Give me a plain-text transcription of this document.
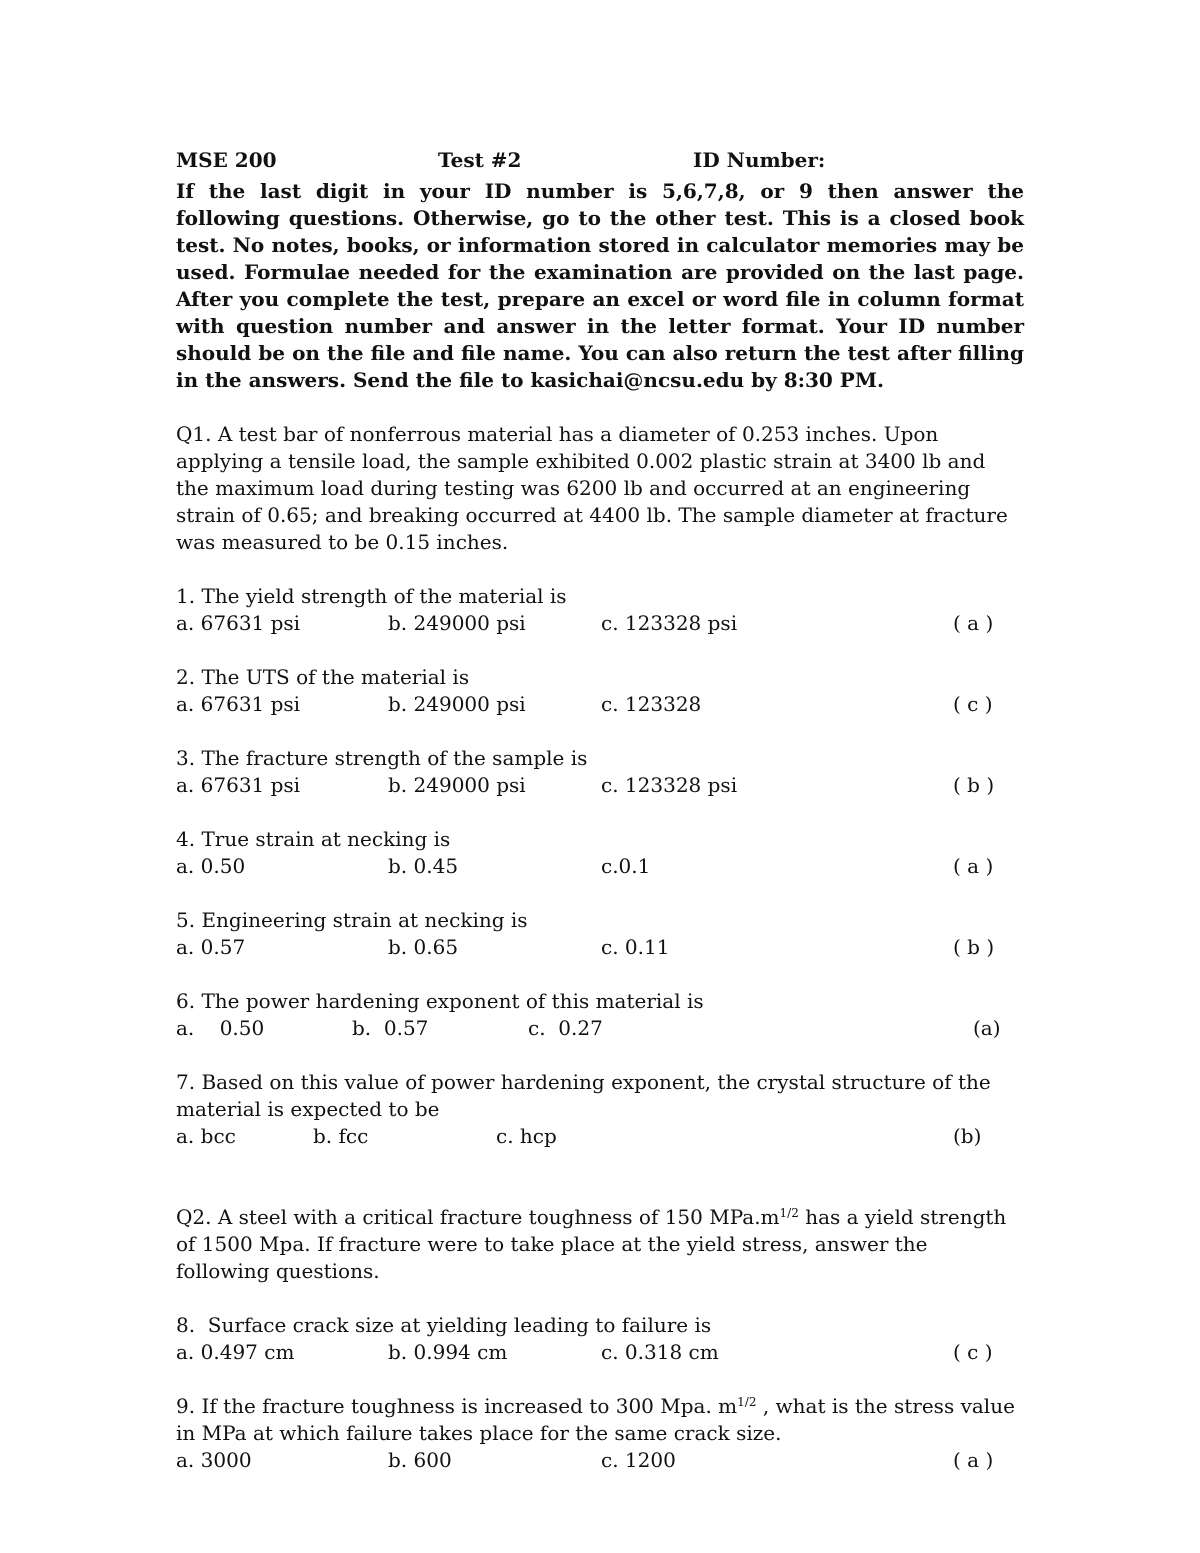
MSE 200	Test #2	ID Number:

If the last digit in your ID number is 5,6,7,8, or 9 then answer the following questions. Otherwise, go to the other test. This is a closed book test. No notes, books, or information stored in calculator memories may be used. Formulae needed for the examination are provided on the last page. After you complete the test, prepare an excel or word file in column format with question number and answer in the letter format. Your ID number should be on the file and file name. You can also return the test after filling in the answers. Send the file to kasichai@ncsu.edu by 8:30 PM.

Q1. A test bar of nonferrous material has a diameter of 0.253 inches. Upon applying a tensile load, the sample exhibited 0.002 plastic strain at 3400 lb and the maximum load during testing was 6200 lb and occurred at an engineering strain of 0.65; and breaking occurred at 4400 lb. The sample diameter at fracture was measured to be 0.15 inches.

1. The yield strength of the material is

a. 67631 psi	b. 249000 psi	c. 123328 psi	( a )

2. The UTS of the material is

a. 67631 psi	b. 249000 psi	c. 123328	( c )

3. The fracture strength of the sample is

a. 67631 psi	b. 249000 psi	c. 123328 psi	( b )

4. True strain at necking is

a. 0.50	b. 0.45	c.0.1	( a )

5. Engineering strain at necking is

a. 0.57	b. 0.65	c. 0.11	( b )

6. The power hardening exponent of this material is

a.    0.50	b.  0.57	c.  0.27	(a)

7. Based on this value of power hardening exponent, the crystal structure of the material is expected to be

a. bcc	b. fcc	c. hcp	(b)

Q2. A steel with a critical fracture toughness of 150 $MPa.m^{1/2}$ has a yield strength of 1500 Mpa. If fracture were to take place at the yield stress, answer the following questions.

8.  Surface crack size at yielding leading to failure is

a. 0.497 cm	b. 0.994 cm	c. 0.318 cm	( c )

9. If the fracture toughness is increased to 300 Mpa. $m^{1/2}$ , what is the stress value in MPa at which failure takes place for the same crack size.

a. 3000	b. 600	c. 1200	( a )
